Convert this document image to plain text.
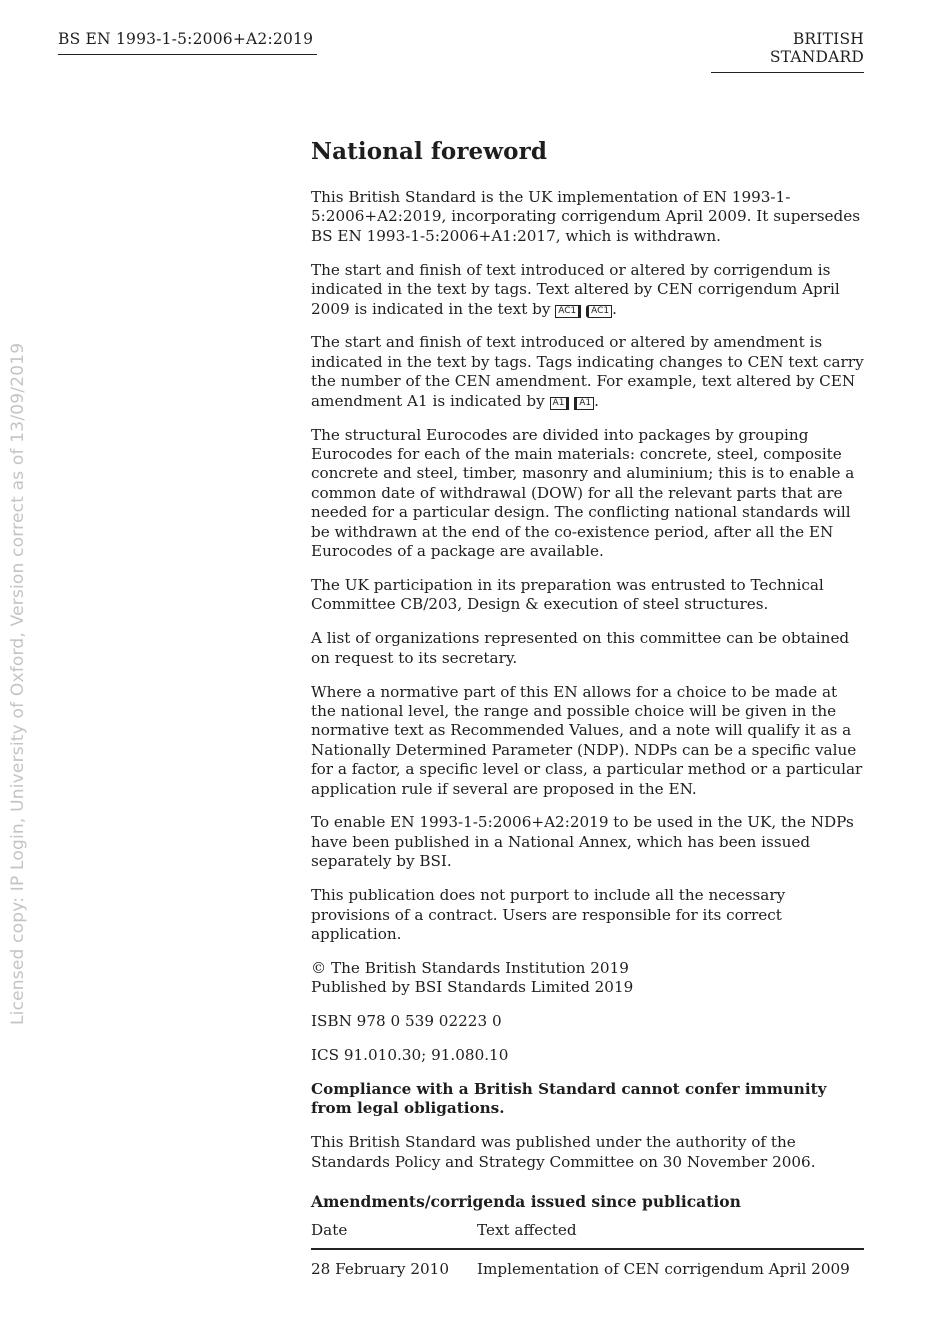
BS EN 1993-1-5:2006+A2:2019	BRITISH STANDARD
Licensed copy: IP Login, University of Oxford, Version correct as of 13/09/2019
National foreword

This British Standard is the UK implementation of EN 1993-1-5:2006+A2:2019, incorporating corrigendum April 2009. It supersedes BS EN 1993-1-5:2006+A1:2017, which is withdrawn.

The start and finish of text introduced or altered by corrigendum is indicated in the text by tags. Text altered by CEN corrigendum April 2009 is indicated in the text by AC1 AC1 .

The start and finish of text introduced or altered by amendment is indicated in the text by tags. Tags indicating changes to CEN text carry the number of the CEN amendment. For example, text altered by CEN amendment A1 is indicated by A1 A1 .

The structural Eurocodes are divided into packages by grouping Eurocodes for each of the main materials: concrete, steel, composite concrete and steel, timber, masonry and aluminium; this is to enable a common date of withdrawal (DOW) for all the relevant parts that are needed for a particular design. The conflicting national standards will be withdrawn at the end of the co-existence period, after all the EN Eurocodes of a package are available.

The UK participation in its preparation was entrusted to Technical Committee CB/203, Design & execution of steel structures.

A list of organizations represented on this committee can be obtained on request to its secretary.

Where a normative part of this EN allows for a choice to be made at the national level, the range and possible choice will be given in the normative text as Recommended Values, and a note will qualify it as a Nationally Determined Parameter (NDP). NDPs can be a specific value for a factor, a specific level or class, a particular method or a particular application rule if several are proposed in the EN.

To enable EN 1993-1-5:2006+A2:2019 to be used in the UK, the NDPs have been published in a National Annex, which has been issued separately by BSI.

This publication does not purport to include all the necessary provisions of a contract. Users are responsible for its correct application.

© The British Standards Institution 2019

Published by BSI Standards Limited 2019

ISBN 978 0 539 02223 0

ICS 91.010.30; 91.080.10

Compliance with a British Standard cannot confer immunity from legal obligations.

This British Standard was published under the authority of the Standards Policy and Strategy Committee on 30 November 2006.

Amendments/corrigenda issued since publication
Date	Text affected
28 February 2010	Implementation of CEN corrigendum April 2009
